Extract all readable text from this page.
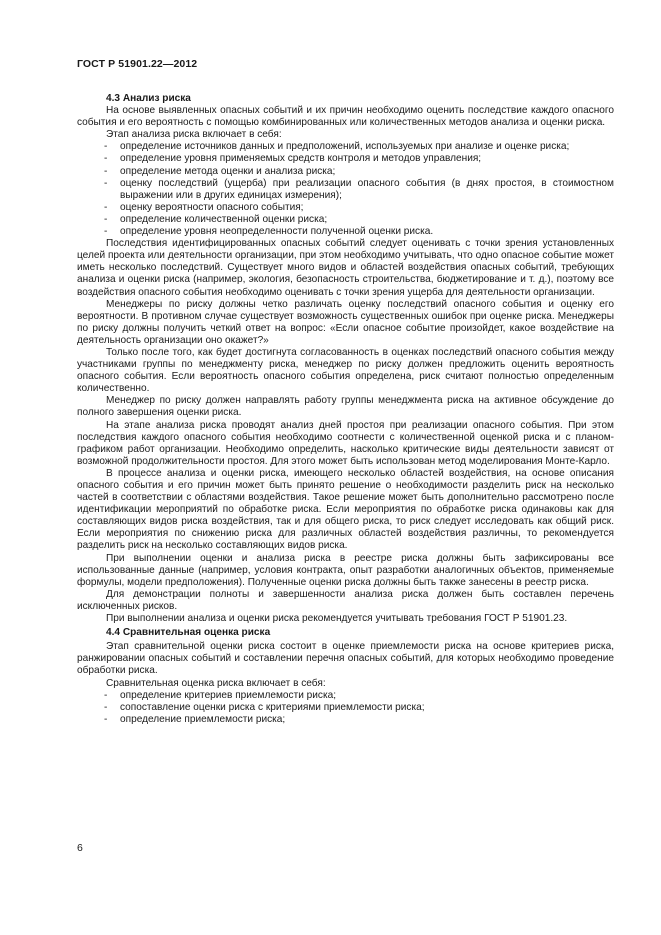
ГОСТ Р 51901.22—2012

4.3 Анализ риска

На основе выявленных опасных событий и их причин необходимо оценить последствие каждого опасного события и его вероятность с помощью комбинированных или количественных методов анализа и оценки риска.

Этап анализа риска включает в себя:

- определение источников данных и предположений, используемых при анализе и оценке риска;

- определение уровня применяемых средств контроля и методов управления;

- определение метода оценки и анализа риска;

- оценку последствий (ущерба) при реализации опасного события (в днях простоя, в стоимостном выражении или в других единицах измерения);

- оценку вероятности опасного события;

- определение количественной оценки риска;

- определение уровня неопределенности полученной оценки риска.

Последствия идентифицированных опасных событий следует оценивать с точки зрения установленных целей проекта или деятельности организации, при этом необходимо учитывать, что одно опасное событие может иметь несколько последствий. Существует много видов и областей воздействия опасных событий, требующих анализа и оценки риска (например, экология, безопасность строительства, бюджетирование и т. д.), поэтому все воздействия опасного события необходимо оценивать с точки зрения ущерба для деятельности организации.

Менеджеры по риску должны четко различать оценку последствий опасного события и оценку его вероятности. В противном случае существует возможность существенных ошибок при оценке риска. Менеджеры по риску должны получить четкий ответ на вопрос: «Если опасное событие произойдет, какое воздействие на деятельность организации оно окажет?»

Только после того, как будет достигнута согласованность в оценках последствий опасного события между участниками группы по менеджменту риска, менеджер по риску должен предложить оценить вероятность опасного события. Если вероятность опасного события определена, риск считают полностью определенным количественно.

Менеджер по риску должен направлять работу группы менеджмента риска на активное обсуждение до полного завершения оценки риска.

На этапе анализа риска проводят анализ дней простоя при реализации опасного события. При этом последствия каждого опасного события необходимо соотнести с количественной оценкой риска и с планом-графиком работ организации. Необходимо определить, насколько критические виды деятельности зависят от возможной продолжительности простоя. Для этого может быть использован метод моделирования Монте-Карло.

В процессе анализа и оценки риска, имеющего несколько областей воздействия, на основе описания опасного события и его причин может быть принято решение о необходимости разделить риск на несколько частей в соответствии с областями воздействия. Такое решение может быть дополнительно рассмотрено после идентификации мероприятий по обработке риска. Если мероприятия по обработке риска одинаковы как для составляющих видов риска воздействия, так и для общего риска, то риск следует исследовать как общий риск. Если мероприятия по снижению риска для различных областей воздействия различны, то рекомендуется разделить риск на несколько составляющих видов риска.

При выполнении оценки и анализа риска в реестре риска должны быть зафиксированы все использованные данные (например, условия контракта, опыт разработки аналогичных объектов, применяемые формулы, модели предположения). Полученные оценки риска должны быть также занесены в реестр риска.

Для демонстрации полноты и завершенности анализа риска должен быть составлен перечень исключенных рисков.

При выполнении анализа и оценки риска рекомендуется учитывать требования ГОСТ Р 51901.23.

4.4 Сравнительная оценка риска

Этап сравнительной оценки риска состоит в оценке приемлемости риска на основе критериев риска, ранжировании опасных событий и составлении перечня опасных событий, для которых необходимо проведение обработки риска.

Сравнительная оценка риска включает в себя:

- определение критериев приемлемости риска;

- сопоставление оценки риска с критериями приемлемости риска;

- определение приемлемости риска;

6
